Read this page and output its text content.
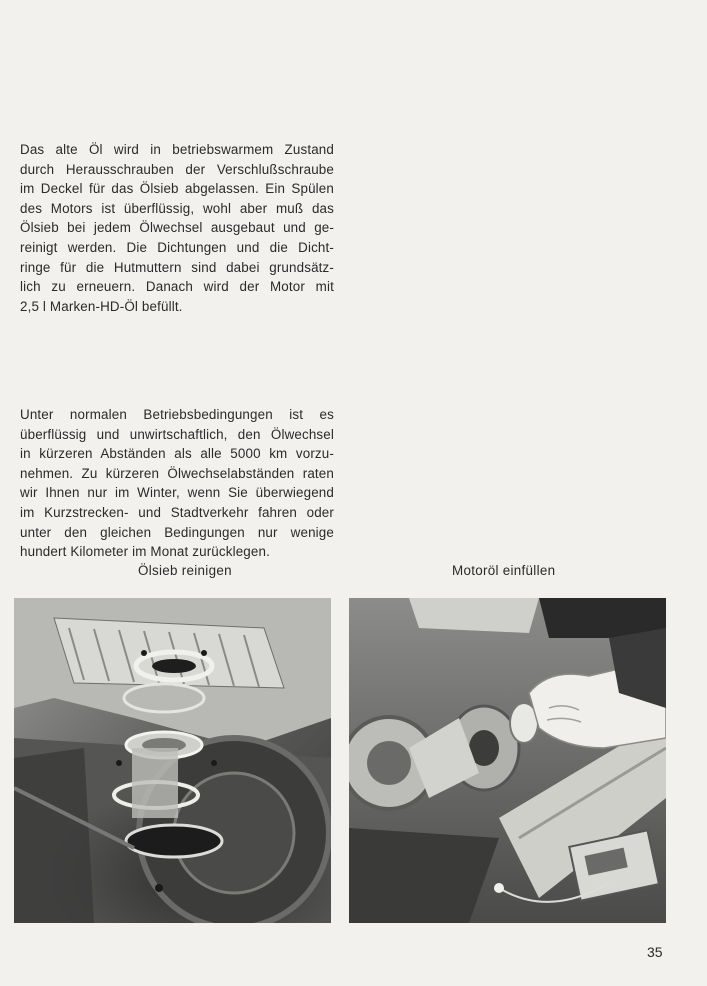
Das alte Öl wird in betriebswarmem Zustand
durch Herausschrauben der Verschlußschraube
im Deckel für das Ölsieb abgelassen. Ein Spülen
des Motors ist überflüssig, wohl aber muß das
Ölsieb bei jedem Ölwechsel ausgebaut und ge-
reinigt werden. Die Dichtungen und die Dicht-
ringe für die Hutmuttern sind dabei grundsätz-
lich zu erneuern. Danach wird der Motor mit
2,5 l Marken-HD-Öl befüllt.
Unter normalen Betriebsbedingungen ist es
überflüssig und unwirtschaftlich, den Ölwechsel
in kürzeren Abständen als alle 5000 km vorzu-
nehmen. Zu kürzeren Ölwechselabständen raten
wir Ihnen nur im Winter, wenn Sie überwiegend
im Kurzstrecken- und Stadtverkehr fahren oder
unter den gleichen Bedingungen nur wenige
hundert Kilometer im Monat zurücklegen.
Ölsieb reinigen	Motoröl einfüllen
35
